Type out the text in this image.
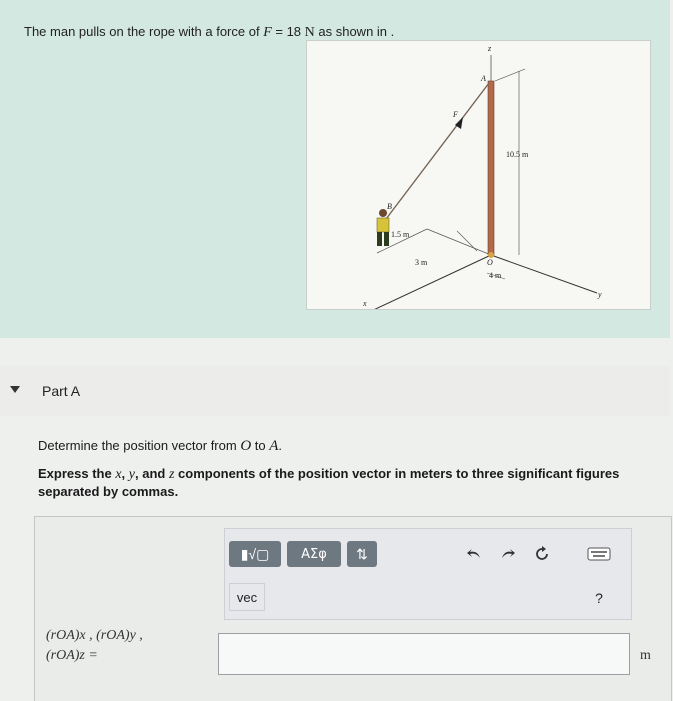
The man pulls on the rope with a force of F = 18 N as shown in .
z
A
F
10.5 m
B
1.5 m
3 m	O
4 m
y
x
Part A
Determine the position vector from O to A.
Express the x, y, and z components of the position vector in meters to three significant figures separated by commas.
▮√▢	ΑΣφ	⇅
vec	?
(rOA)x , (rOA)y ,
(rOA)z =	m
